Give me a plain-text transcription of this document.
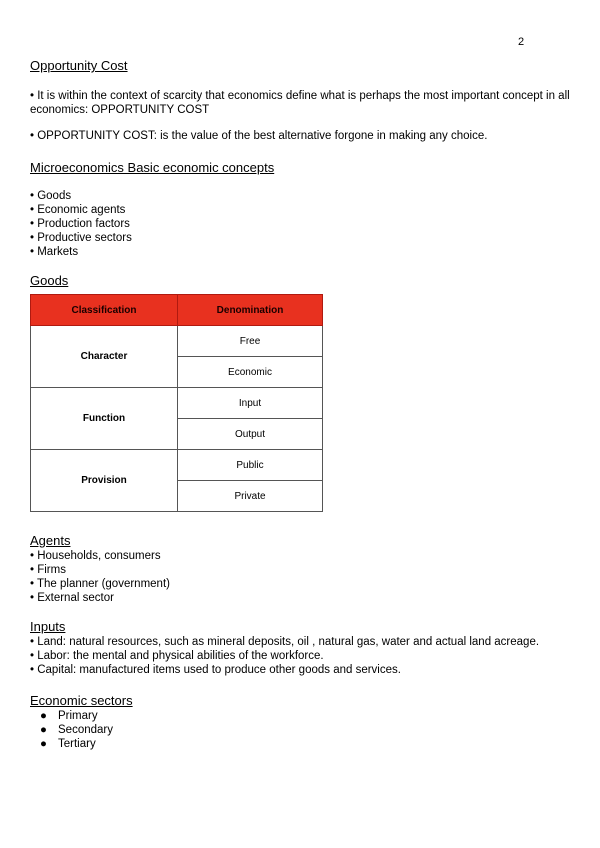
2
Opportunity Cost
• It is within the context of scarcity that economics define what is perhaps the most important concept in all economics: OPPORTUNITY COST
• OPPORTUNITY COST: is the value of the best alternative forgone in making any choice.
Microeconomics Basic economic concepts
• Goods
• Economic agents
• Production factors
• Productive sectors
• Markets
Goods
Classification	Denomination
Character	Free
	Economic
Function	Input
	Output
Provision	Public
	Private
Agents
• Households, consumers
• Firms
• The planner (government)
• External sector
Inputs
• Land: natural resources, such as mineral deposits, oil , natural gas, water and actual land acreage.
• Labor: the mental and physical abilities of the workforce.
• Capital: manufactured items used to produce other goods and services.
Economic sectors
● Primary
● Secondary
● Tertiary
